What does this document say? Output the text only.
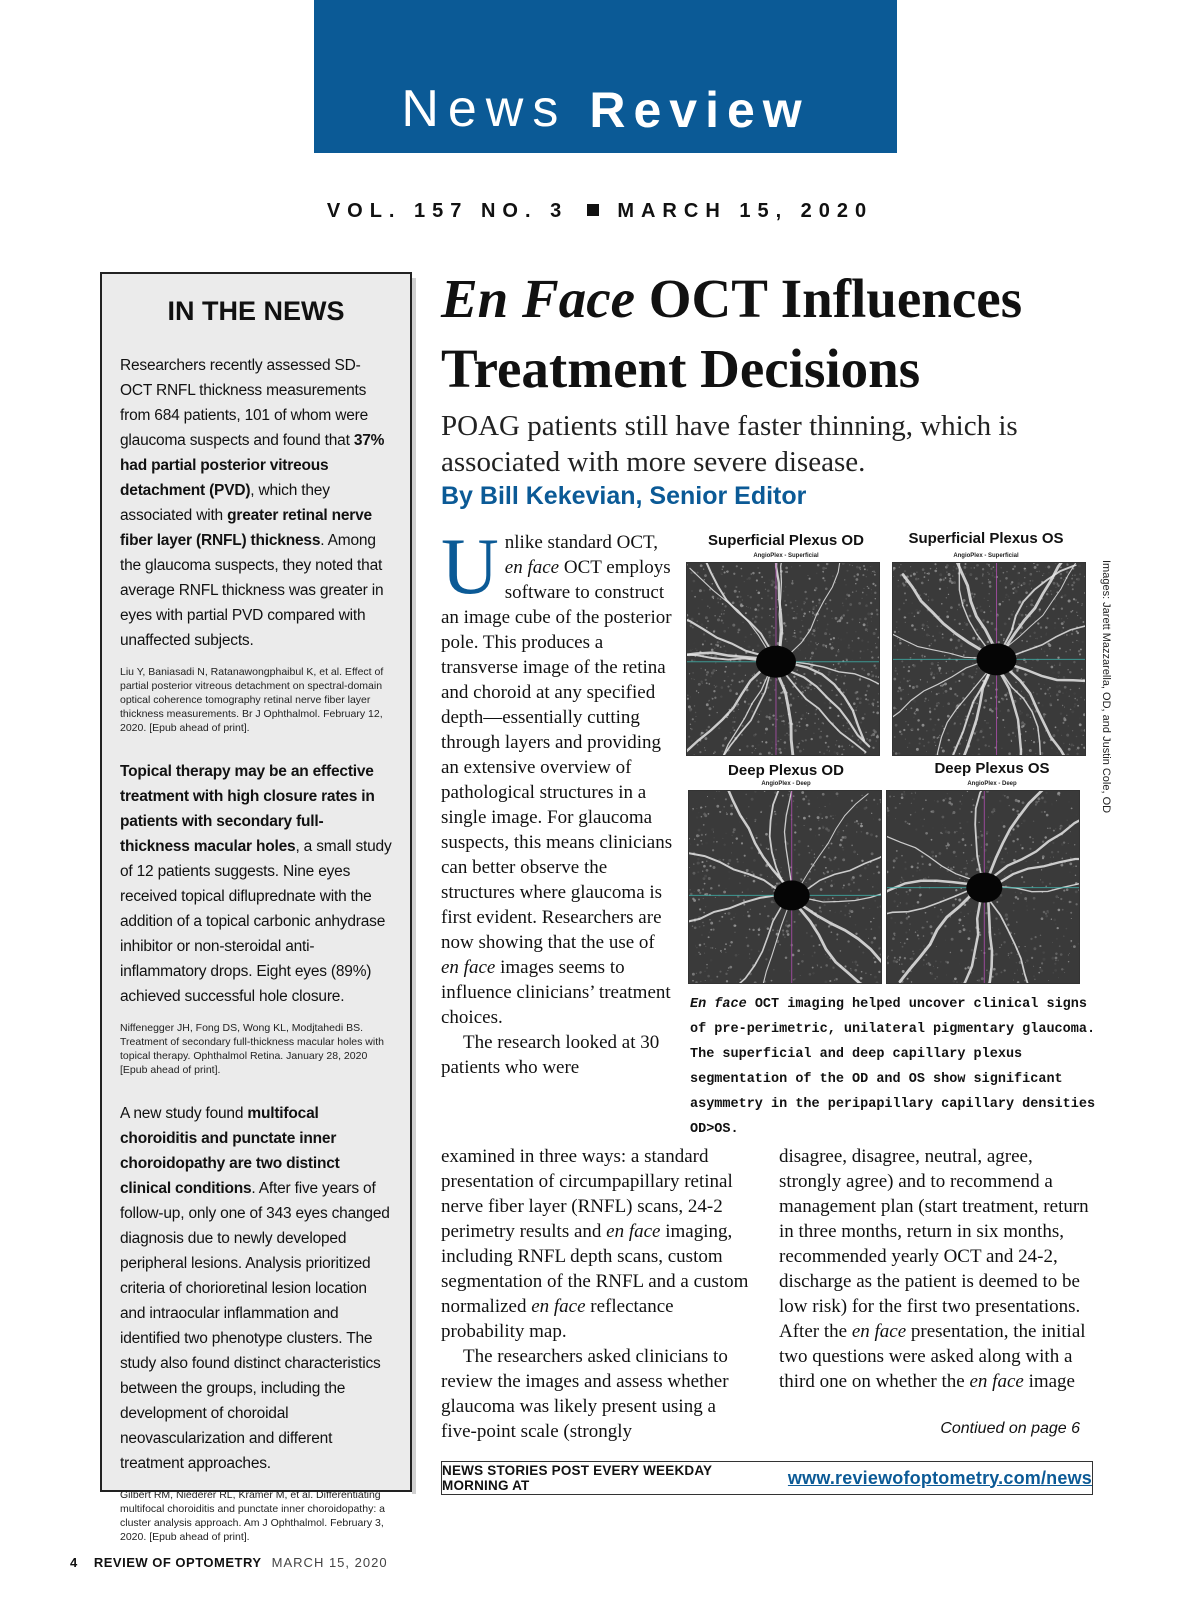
News Review
VOL. 157 NO. 3 MARCH 15, 2020
IN THE NEWS

Researchers recently assessed SD-OCT RNFL thickness measurements from 684 patients, 101 of whom were glaucoma suspects and found that 37% had partial posterior vitreous detachment (PVD), which they associated with greater retinal nerve fiber layer (RNFL) thickness. Among the glaucoma suspects, they noted that average RNFL thickness was greater in eyes with partial PVD compared with unaffected subjects.

Liu Y, Baniasadi N, Ratanawongphaibul K, et al. Effect of partial posterior vitreous detachment on spectral-domain optical coherence tomography retinal nerve fiber layer thickness measurements. Br J Ophthalmol. February 12, 2020. [Epub ahead of print].

Topical therapy may be an effective treatment with high closure rates in patients with secondary full-thickness macular holes, a small study of 12 patients suggests. Nine eyes received topical difluprednate with the addition of a topical carbonic anhydrase inhibitor or non-steroidal anti-inflammatory drops. Eight eyes (89%) achieved successful hole closure.

Niffenegger JH, Fong DS, Wong KL, Modjtahedi BS. Treatment of secondary full-thickness macular holes with topical therapy. Ophthalmol Retina. January 28, 2020 [Epub ahead of print].

A new study found multifocal choroiditis and punctate inner choroidopathy are two distinct clinical conditions. After five years of follow-up, only one of 343 eyes changed diagnosis due to newly developed peripheral lesions. Analysis prioritized criteria of chorioretinal lesion location and intraocular inflammation and identified two phenotype clusters. The study also found distinct characteristics between the groups, including the development of choroidal neovascularization and different treatment approaches.

Gilbert RM, Niederer RL, Kramer M, et al. Differentiating multifocal choroiditis and punctate inner choroidopathy: a cluster analysis approach. Am J Ophthalmol. February 3, 2020. [Epub ahead of print].

En Face OCT Influences
Treatment Decisions

POAG patients still have faster thinning, which is associated with more severe disease.

By Bill Kekevian, Senior Editor

Unlike standard OCT, en face OCT employs software to construct an image cube of the posterior pole. This produces a transverse image of the retina and choroid at any specified depth—essentially cutting through layers and providing an extensive overview of pathological structures in a single image. For glaucoma suspects, this means clinicians can better observe the structures where glaucoma is first evident. Researchers are now showing that the use of en face images seems to influence clinicians’ treatment choices.

The research looked at 30 patients who were

examined in three ways: a standard presentation of circumpapillary retinal nerve fiber layer (RNFL) scans, 24-2 perimetry results and en face imaging, including RNFL depth scans, custom segmentation of the RNFL and a custom normalized en face reflectance probability map.

The researchers asked clinicians to review the images and assess whether glaucoma was likely present using a five-point scale (strongly

disagree, disagree, neutral, agree, strongly agree) and to recommend a management plan (start treatment, return in three months, return in six months, recommended yearly OCT and 24-2, discharge as the patient is deemed to be low risk) for the first two presentations. After the en face presentation, the initial two questions were asked along with a third one on whether the en face image

Contiued on page 6
Superficial Plexus OD	Superficial Plexus OS
AngioPlex - Superficial	AngioPlex - Superficial
Deep Plexus OD	Deep Plexus OS
AngioPlex - Deep	AngioPlex - Deep	Images: Jarett Mazzarella, OD, and Justin Cole, OD

En face OCT imaging helped uncover clinical signs of pre-perimetric, unilateral pigmentary glaucoma. The superficial and deep capillary plexus segmentation of the OD and OS show significant asymmetry in the peripapillary capillary densities OD>OS.

NEWS STORIES POST EVERY WEEKDAY MORNING AT	www.reviewofoptometry.com/news
4 REVIEW OF OPTOMETRY MARCH 15, 2020
